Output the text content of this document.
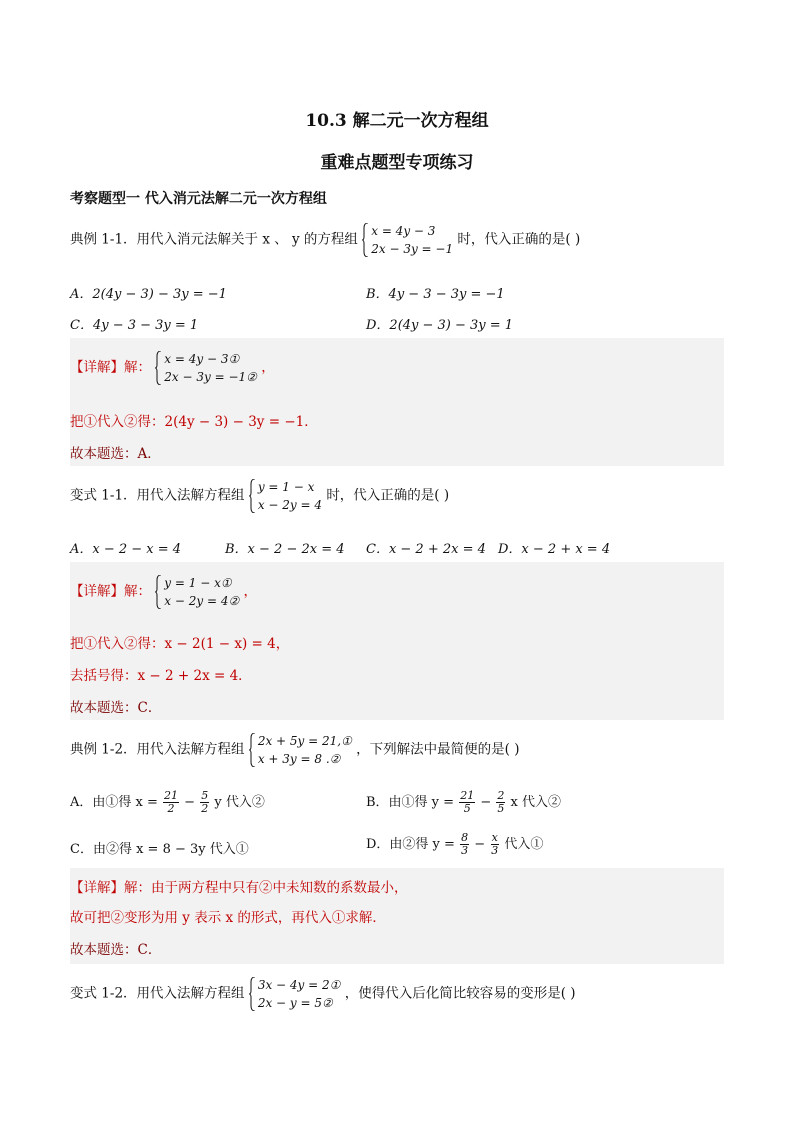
10.3 解二元一次方程组
重难点题型专项练习
考察题型一 代入消元法解二元一次方程组
典例 1-1．用代入消元法解关于 x 、 y 的方程组
x = 4y − 3
2x − 3y = −1
时，代入正确的是( )
A．2(4y − 3) − 3y = −1	B．4y − 3 − 3y = −1
C．4y − 3 − 3y = 1	D．2(4y − 3) − 3y = 1
【详解】解：
x = 4y − 3①
2x − 3y = −1②
，
把①代入②得：2(4y − 3) − 3y = −1．
故本题选：A．
变式 1-1．用代入法解方程组
y = 1 − x
x − 2y = 4
时，代入正确的是( )
A．x − 2 − x = 4	B．x − 2 − 2x = 4 C．x − 2 + 2x = 4 D．x − 2 + x = 4
【详解】解：
y = 1 − x①
x − 2y = 4②
，
把①代入②得：x − 2(1 − x) = 4，
去括号得：x − 2 + 2x = 4．
故本题选：C．
典例 1-2．用代入法解方程组
2x + 5y = 21,①
x + 3y = 8 .②
，下列解法中最简便的是( )
A．由①得 $x = \frac{21}{2} - \frac{5}{2}$ y 代入②	B．由①得 $y = \frac{21}{5} - \frac{2}{5}$ x 代入②
C．由②得 x = 8 − 3y 代入①	D．由②得 $y = \frac{8}{3} - \frac{x}{3}$ 代入①
【详解】解：由于两方程中只有②中未知数的系数最小，
故可把②变形为用 y 表示 x 的形式，再代入①求解．
故本题选：C．
变式 1-2．用代入法解方程组
3x − 4y = 2①
2x − y = 5②
，使得代入后化简比较容易的变形是( )
